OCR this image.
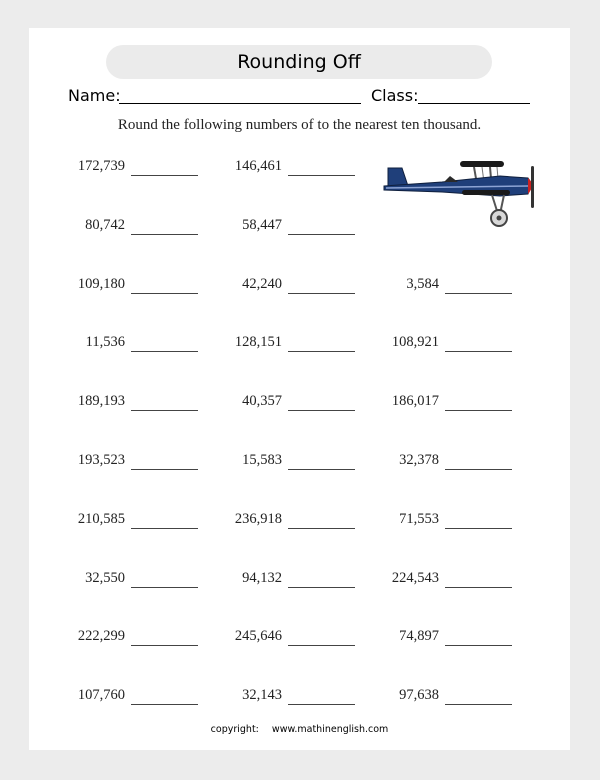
Rounding Off
Name:	Class:
Round the following numbers of to the nearest ten thousand.
172,739	146,461
80,742	58,447
109,180	42,240	3,584
11,536	128,151	108,921
189,193	40,357	186,017
193,523	15,583	32,378
210,585	236,918	71,553
32,550	94,132	224,543
222,299	245,646	74,897
107,760	32,143	97,638
copyright: www.mathinenglish.com
